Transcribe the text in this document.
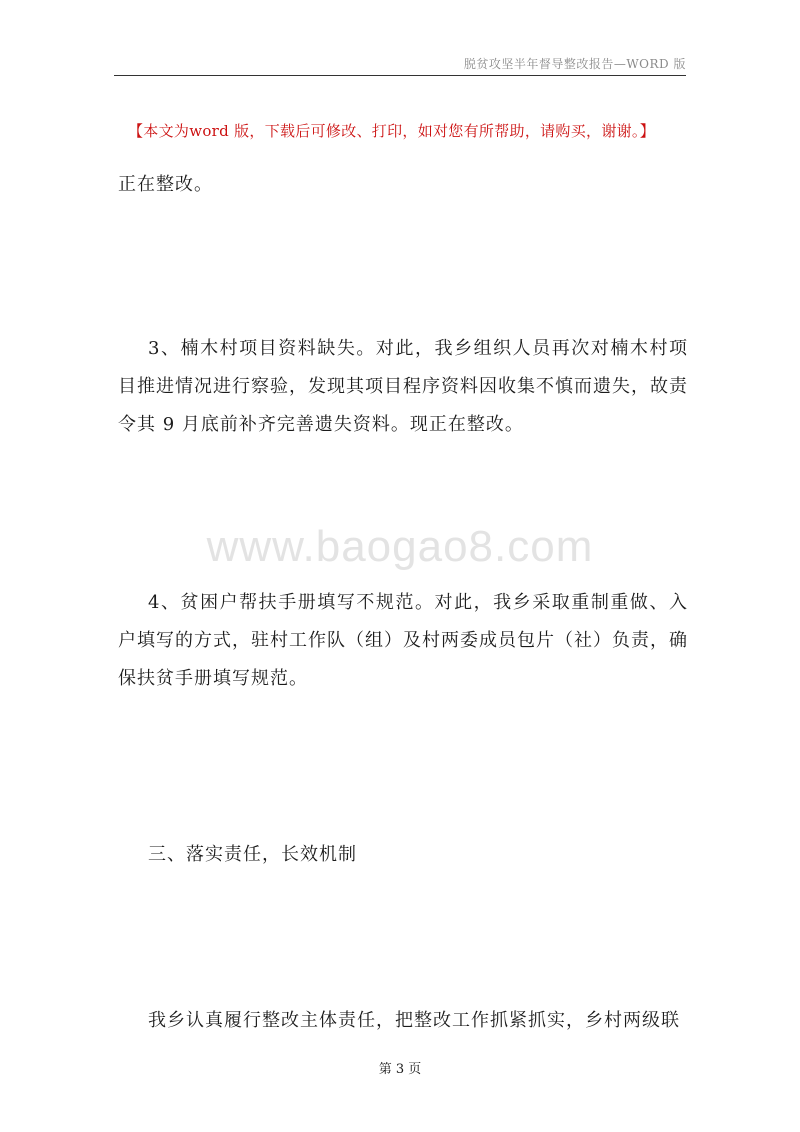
脱贫攻坚半年督导整改报告—WORD 版
【本文为word 版，下载后可修改、打印，如对您有所帮助，请购买，谢谢。】
正在整改。
3、楠木村项目资料缺失。对此，我乡组织人员再次对楠木村项目推进情况进行察验，发现其项目程序资料因收集不慎而遗失，故责令其 9 月底前补齐完善遗失资料。现正在整改。
www.baogao8.com
4、贫困户帮扶手册填写不规范。对此，我乡采取重制重做、入户填写的方式，驻村工作队（组）及村两委成员包片（社）负责，确保扶贫手册填写规范。
三、落实责任，长效机制
我乡认真履行整改主体责任，把整改工作抓紧抓实，乡村两级联
第 3 页
